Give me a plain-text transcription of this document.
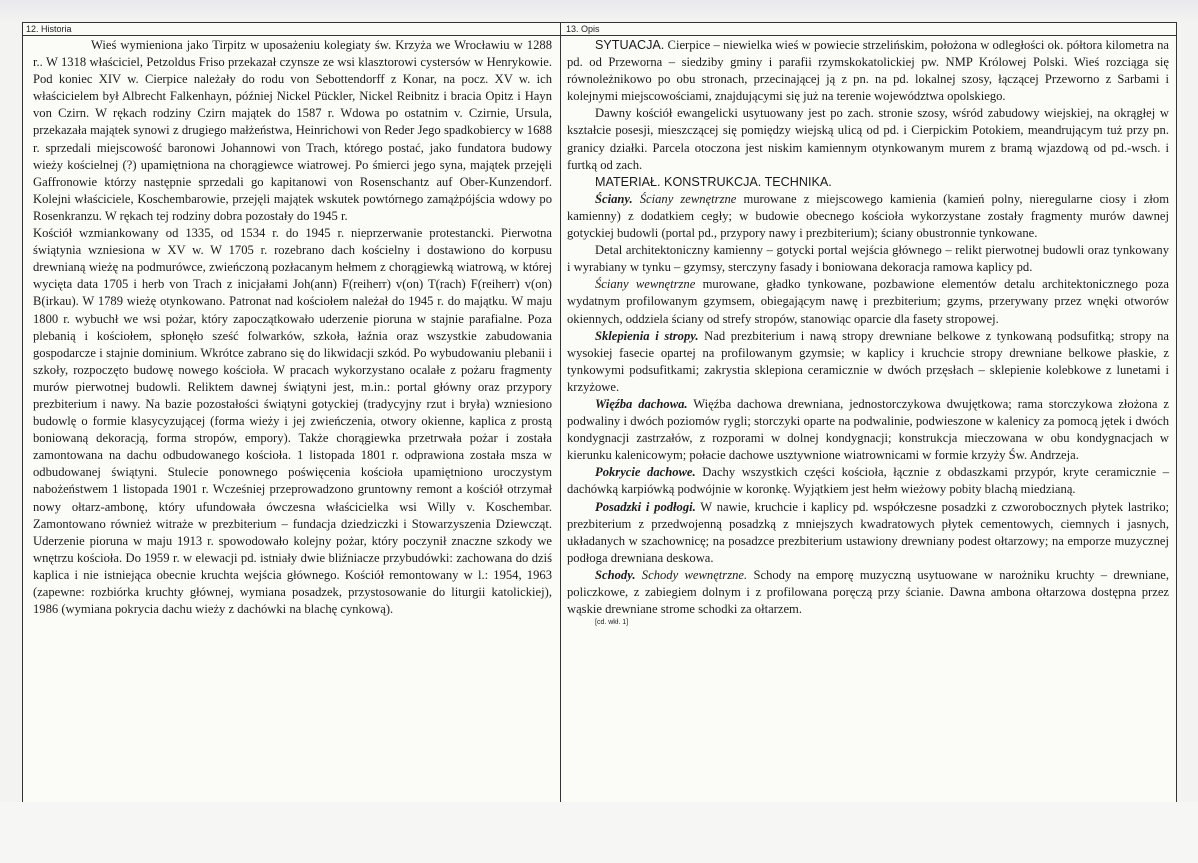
12. Historia	13. Opis

Wieś wymieniona jako Tirpitz w uposażeniu kolegiaty św. Krzyża we Wrocławiu w 1288 r.. W 1318 właściciel, Petzoldus Friso przekazał czynsze ze wsi klasztorowi cystersów w Henrykowie. Pod koniec XIV w. Cierpice należały do rodu von Sebottendorff z Konar, na pocz. XV w. ich właścicielem był Albrecht Falkenhayn, później Nickel Pückler, Nickel Reibnitz i bracia Opitz i Hayn von Czirn. W rękach rodziny Czirn majątek do 1587 r. Wdowa po ostatnim v. Czirnie, Ursula, przekazała majątek synowi z drugiego małżeństwa, Heinrichowi von Reder Jego spadkobiercy w 1688 r. sprzedali miejscowość baronowi Johannowi von Trach, którego postać, jako fundatora budowy wieży kościelnej (?) upamiętniona na chorągiewce wiatrowej. Po śmierci jego syna, majątek przejęli Gaffronowie którzy następnie sprzedali go kapitanowi von Rosenschantz auf Ober-Kunzendorf. Kolejni właściciele, Koschembarowie, przejęli majątek wskutek powtórnego zamążpójścia wdowy po Rosenkranzu. W rękach tej rodziny dobra pozostały do 1945 r.

Kościół wzmiankowany od 1335, od 1534 r. do 1945 r. nieprzerwanie protestancki. Pierwotna świątynia wzniesiona w XV w. W 1705 r. rozebrano dach kościelny i dostawiono do korpusu drewnianą wieżę na podmurówce, zwieńczoną pozłacanym hełmem z chorągiewką wiatrową, w której wycięta data 1705 i herb von Trach z inicjałami Joh(ann) F(reiherr) v(on) T(rach) F(reiherr) v(on) B(irkau). W 1789 wieżę otynkowano. Patronat nad kościołem należał do 1945 r. do majątku. W maju 1800 r. wybuchł we wsi pożar, który zapoczątkowało uderzenie pioruna w stajnie parafialne. Poza plebanią i kościołem, spłonęło sześć folwarków, szkoła, łaźnia oraz wszystkie zabudowania gospodarcze i stajnie dominium. Wkrótce zabrano się do likwidacji szkód. Po wybudowaniu plebanii i szkoły, rozpoczęto budowę nowego kościoła. W pracach wykorzystano ocalałe z pożaru fragmenty murów pierwotnej budowli. Reliktem dawnej świątyni jest, m.in.: portal główny oraz przypory prezbiterium i nawy. Na bazie pozostałości świątyni gotyckiej (tradycyjny rzut i bryła) wzniesiono budowlę o formie klasycyzującej (forma wieży i jej zwieńczenia, otwory okienne, kaplica z prostą boniowaną dekoracją, forma stropów, empory). Także chorągiewka przetrwała pożar i została zamontowana na dachu odbudowanego kościoła. 1 listopada 1801 r. odprawiona została msza w odbudowanej świątyni. Stulecie ponownego poświęcenia kościoła upamiętniono uroczystym nabożeństwem 1 listopada 1901 r. Wcześniej przeprowadzono gruntowny remont a kościół otrzymał nowy ołtarz-ambonę, który ufundowała ówczesna właścicielka wsi Willy v. Koschembar. Zamontowano również witraże w prezbiterium – fundacja dziedziczki i Stowarzyszenia Dziewcząt. Uderzenie pioruna w maju 1913 r. spowodowało kolejny pożar, który poczynił znaczne szkody we wnętrzu kościoła. Do 1959 r. w elewacji pd. istniały dwie bliźniacze przybudówki: zachowana do dziś kaplica i nie istniejąca obecnie kruchta wejścia głównego. Kościół remontowany w l.: 1954, 1963 (zapewne: rozbiórka kruchty głównej, wymiana posadzek, przystosowanie do liturgii katolickiej), 1986 (wymiana pokrycia dachu wieży z dachówki na blachę cynkową).

SYTUACJA. Cierpice – niewielka wieś w powiecie strzelińskim, położona w odległości ok. półtora kilometra na pd. od Przeworna – siedziby gminy i parafii rzymskokatolickiej pw. NMP Królowej Polski. Wieś rozciąga się równoleżnikowo po obu stronach, przecinającej ją z pn. na pd. lokalnej szosy, łączącej Przeworno z Sarbami i kolejnymi miejscowościami, znajdującymi się już na terenie województwa opolskiego.

Dawny kościół ewangelicki usytuowany jest po zach. stronie szosy, wśród zabudowy wiejskiej, na okrągłej w kształcie posesji, mieszczącej się pomiędzy wiejską ulicą od pd. i Cierpickim Potokiem, meandrującym tuż przy pn. granicy działki. Parcela otoczona jest niskim kamiennym otynkowanym murem z bramą wjazdową od pd.-wsch. i furtką od zach.

MATERIAŁ. KONSTRUKCJA. TECHNIKA.

Ściany. Ściany zewnętrzne murowane z miejscowego kamienia (kamień polny, nieregularne ciosy i złom kamienny) z dodatkiem cegły; w budowie obecnego kościoła wykorzystane zostały fragmenty murów dawnej gotyckiej budowli (portal pd., przypory nawy i prezbiterium); ściany obustronnie tynkowane.

Detal architektoniczny kamienny – gotycki portal wejścia głównego – relikt pierwotnej budowli oraz tynkowany i wyrabiany w tynku – gzymsy, sterczyny fasady i boniowana dekoracja ramowa kaplicy pd.

Ściany wewnętrzne murowane, gładko tynkowane, pozbawione elementów detalu architektonicznego poza wydatnym profilowanym gzymsem, obiegającym nawę i prezbiterium; gzyms, przerywany przez wnęki otworów okiennych, oddziela ściany od strefy stropów, stanowiąc oparcie dla fasety stropowej.

Sklepienia i stropy. Nad prezbiterium i nawą stropy drewniane belkowe z tynkowaną podsufitką; stropy na wysokiej fasecie opartej na profilowanym gzymsie; w kaplicy i kruchcie stropy drewniane belkowe płaskie, z tynkowymi podsufitkami; zakrystia sklepiona ceramicznie w dwóch przęsłach – sklepienie kolebkowe z lunetami i krzyżowe.

Więźba dachowa. Więźba dachowa drewniana, jednostorczykowa dwujętkowa; rama storczykowa złożona z podwaliny i dwóch poziomów rygli; storczyki oparte na podwalinie, podwieszone w kalenicy za pomocą jętek i dwóch kondygnacji zastrzałów, z rozporami w dolnej kondygnacji; konstrukcja mieczowana w obu kondygnacjach w kierunku kalenicowym; połacie dachowe usztywnione wiatrownicami w formie krzyży Św. Andrzeja.

Pokrycie dachowe. Dachy wszystkich części kościoła, łącznie z obdaszkami przypór, kryte ceramicznie – dachówką karpiówką podwójnie w koronkę. Wyjątkiem jest hełm wieżowy pobity blachą miedzianą.

Posadzki i podłogi. W nawie, kruchcie i kaplicy pd. współczesne posadzki z czworobocznych płytek lastriko; prezbiterium z przedwojenną posadzką z mniejszych kwadratowych płytek cementowych, ciemnych i jasnych, układanych w szachownicę; na posadzce prezbiterium ustawiony drewniany podest ołtarzowy; na emporze muzycznej podłoga drewniana deskowa.

Schody. Schody wewnętrzne. Schody na emporę muzyczną usytuowane w narożniku kruchty – drewniane, policzkowe, z zabiegiem dolnym i z profilowana poręczą przy ścianie. Dawna ambona ołtarzowa dostępna przez wąskie drewniane strome schodki za ołtarzem.

[cd. wkł. 1]
